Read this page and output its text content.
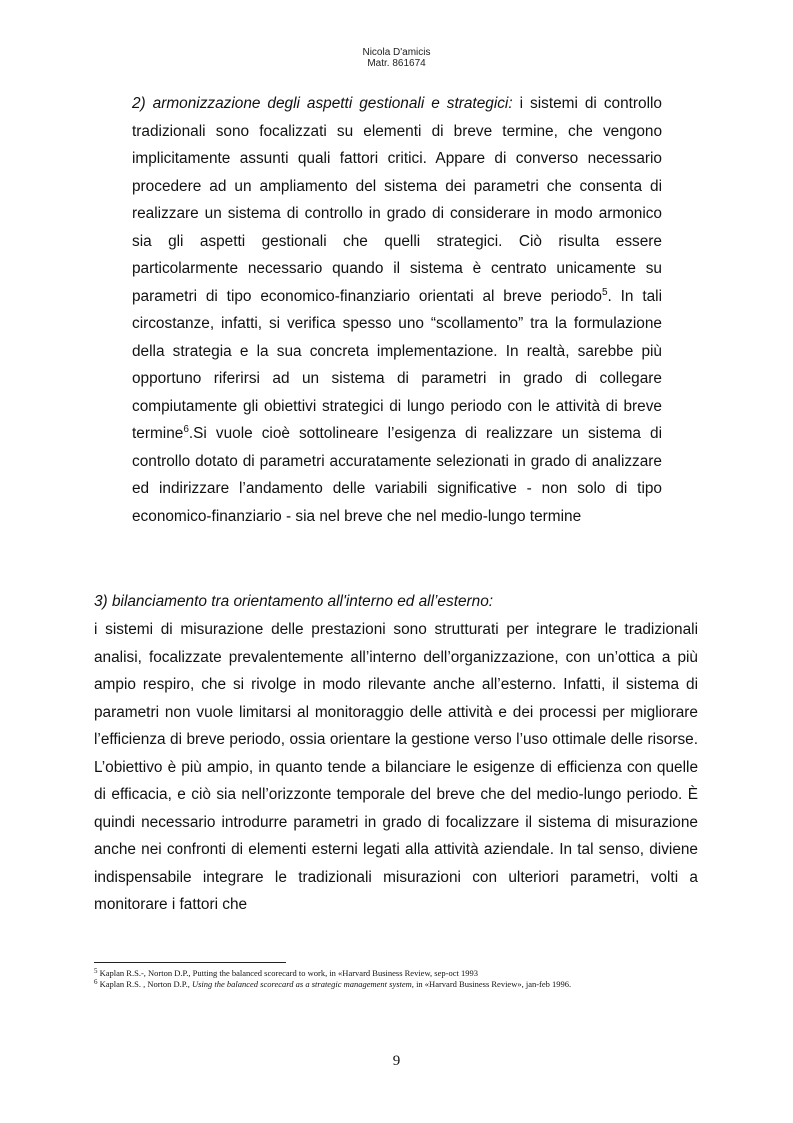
Nicola D'amicis
Matr. 861674

2) armonizzazione degli aspetti gestionali e strategici: i sistemi di controllo tradizionali sono focalizzati su elementi di breve termine, che vengono implicitamente assunti quali fattori critici. Appare di converso necessario procedere ad un ampliamento del sistema dei parametri che consenta di realizzare un sistema di controllo in grado di considerare in modo armonico sia gli aspetti gestionali che quelli strategici. Ciò risulta essere particolarmente necessario quando il sistema è centrato unicamente su parametri di tipo economico-finanziario orientati al breve periodo$^5$. In tali circostanze, infatti, si verifica spesso uno “scollamento” tra la formulazione della strategia e la sua concreta implementazione. In realtà, sarebbe più opportuno riferirsi ad un sistema di parametri in grado di collegare compiutamente gli obiettivi strategici di lungo periodo con le attività di breve termine$^6$.Si vuole cioè sottolineare l’esigenza di realizzare un sistema di controllo dotato di parametri accuratamente selezionati in grado di analizzare ed indirizzare l’andamento delle variabili significative - non solo di tipo economico-finanziario - sia nel breve che nel medio-lungo termine

3) bilanciamento tra orientamento all'interno ed all’esterno:

i sistemi di misurazione delle prestazioni sono strutturati per integrare le tradizionali analisi, focalizzate prevalentemente all’interno dell’organizzazione, con un’ottica a più ampio respiro, che si rivolge in modo rilevante anche all’esterno. Infatti, il sistema di parametri non vuole limitarsi al monitoraggio delle attività e dei processi per migliorare l’efficienza di breve periodo, ossia orientare la gestione verso l’uso ottimale delle risorse. L’obiettivo è più ampio, in quanto tende a bilanciare le esigenze di efficienza con quelle di efficacia, e ciò sia nell’orizzonte temporale del breve che del medio-lungo periodo. È quindi necessario introdurre parametri in grado di focalizzare il sistema di misurazione anche nei confronti di elementi esterni legati alla attività aziendale. In tal senso, diviene indispensabile integrare le tradizionali misurazioni con ulteriori parametri, volti a monitorare i fattori che

$^5$ Kaplan R.S.-, Norton D.P., Putting the balanced scorecard to work, in «Harvard Business Review, sep-oct 1993
$^6$ Kaplan R.S. , Norton D.P., Using the balanced scorecard as a strategic management system, in «Harvard Business Review», jan-feb 1996.
9
